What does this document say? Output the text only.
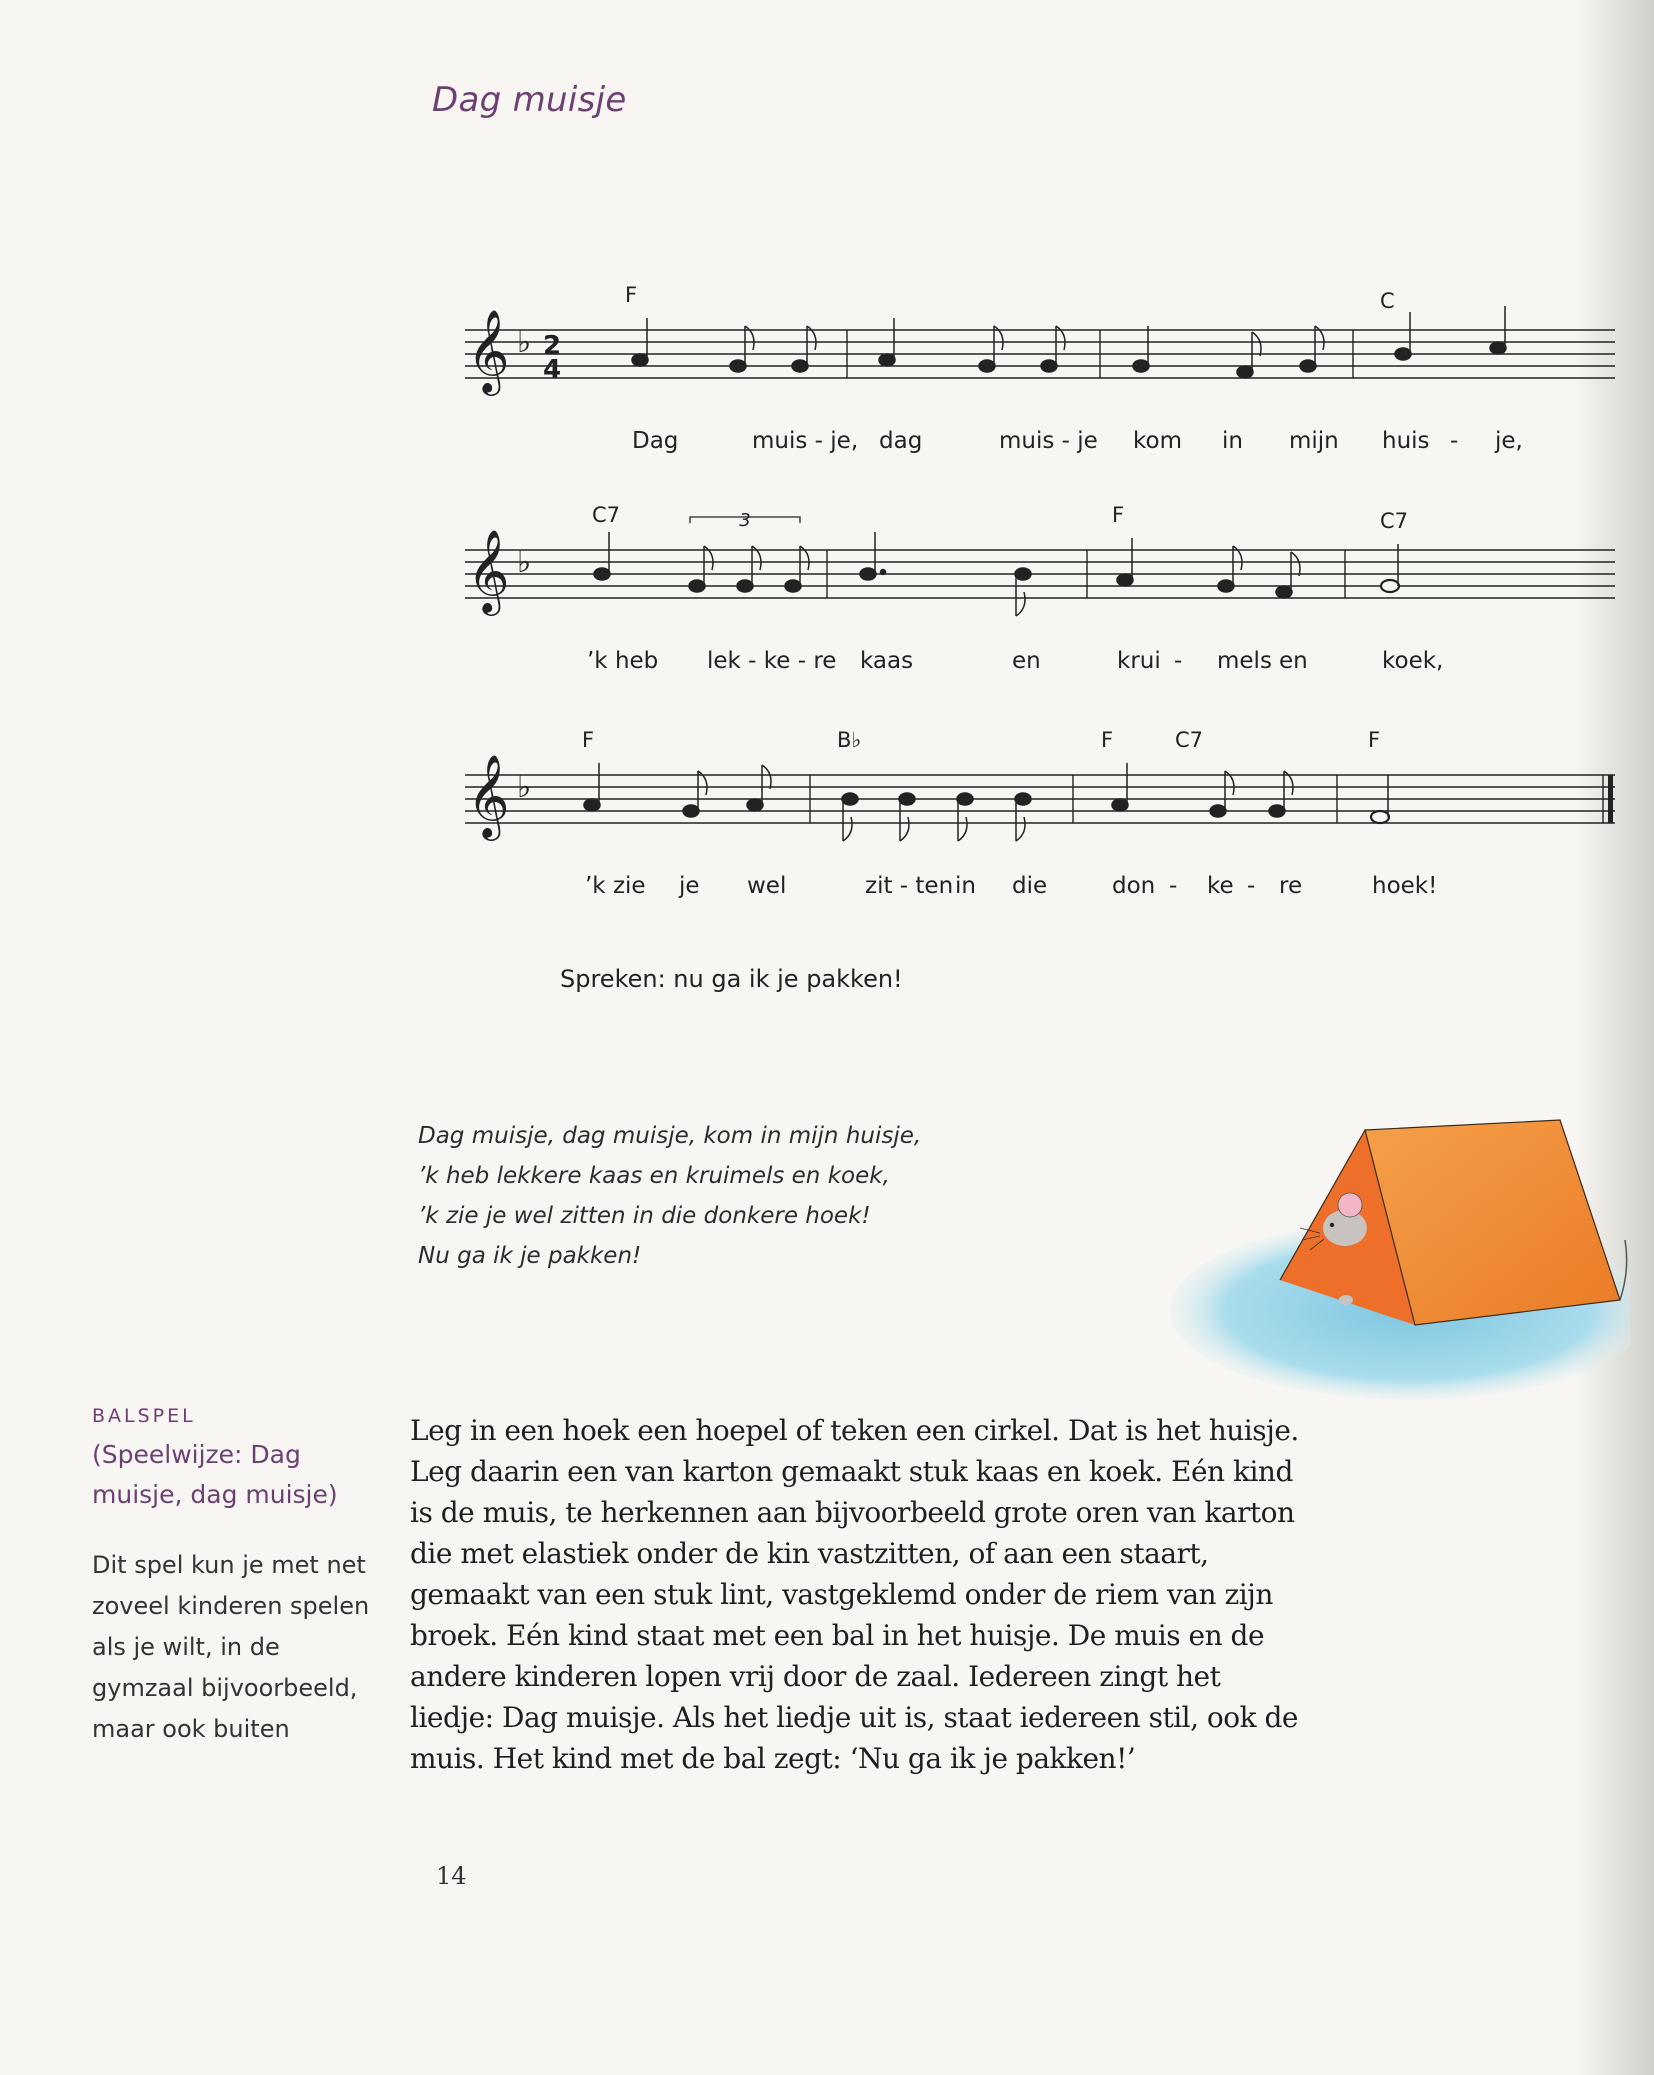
Dag muisje
𝄞 ♭ 2
4
𝄞 ♭
3
𝄞 ♭
F	C
C7	F	C7
F	B♭	F	C7	F
Dag	muis - je, dag	muis - je kom in mijn huis - je,
’k heb lek - ke - re kaas	en	krui - mels en	koek,
’k zie je wel	zit - ten in die	don - ke - re	hoek!
Spreken: nu ga ik je pakken!
Dag muisje, dag muisje, kom in mijn huisje,
’k heb lekkere kaas en kruimels en koek,
’k zie je wel zitten in die donkere hoek!
Nu ga ik je pakken!
BALSPEL
(Speelwijze: Dag muisje, dag muisje)
Dit spel kun je met net zoveel kinderen spelen als je wilt, in de gymzaal bijvoorbeeld, maar ook buiten
Leg in een hoek een hoepel of teken een cirkel. Dat is het huisje. Leg daarin een van karton gemaakt stuk kaas en koek. Eén kind is de muis, te herkennen aan bijvoorbeeld grote oren van karton die met elastiek onder de kin vastzitten, of aan een staart, gemaakt van een stuk lint, vastgeklemd onder de riem van zijn broek. Eén kind staat met een bal in het huisje. De muis en de andere kinderen lopen vrij door de zaal. Iedereen zingt het liedje: Dag muisje. Als het liedje uit is, staat iedereen stil, ook de muis. Het kind met de bal zegt: ‘Nu ga ik je pakken!’
14
